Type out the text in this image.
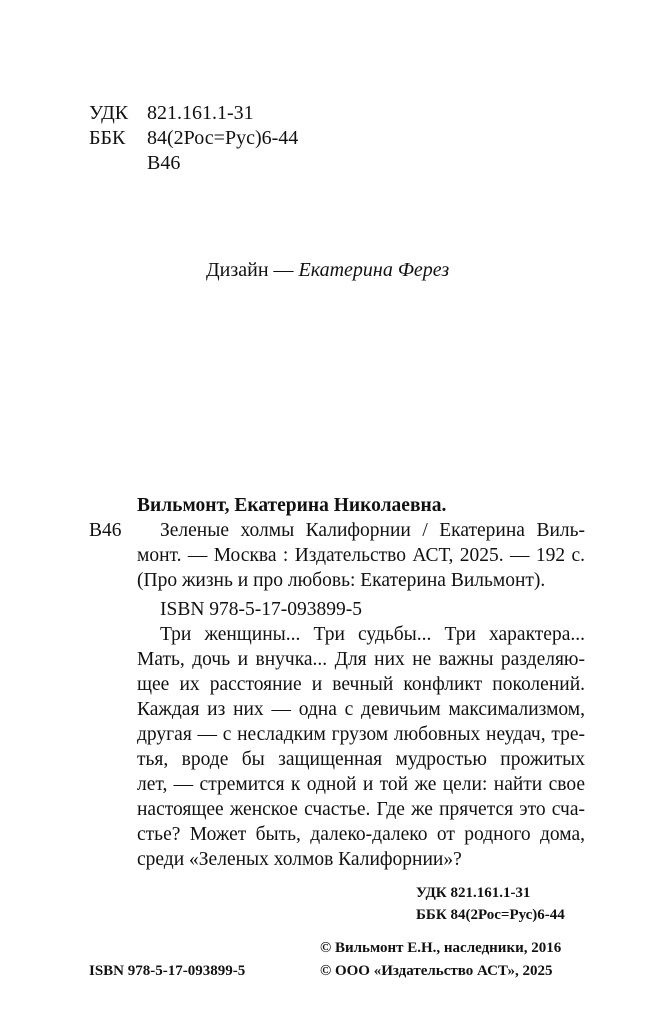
УДК 821.161.1-31
ББК 84(2Рос=Рус)6-44
В46
Дизайн — Екатерина Ферез
Вильмонт, Екатерина Николаевна.
В46 Зеленые холмы Калифорнии / Екатерина Виль-
монт. — Москва : Издательство АСТ, 2025. — 192 с.
(Про жизнь и про любовь: Екатерина Вильмонт).
ISBN 978-5-17-093899-5
Три женщины... Три судьбы... Три характера...
Мать, дочь и внучка... Для них не важны разделяю-
щее их расстояние и вечный конфликт поколений.
Каждая из них — одна с девичьим максимализмом,
другая — с несладким грузом любовных неудач, тре-
тья, вроде бы защищенная мудростью прожитых
лет, — стремится к одной и той же цели: найти свое
настоящее женское счастье. Где же прячется это сча-
стье? Может быть, далеко-далеко от родного дома,
среди «Зеленых холмов Калифорнии»?
УДК 821.161.1-31
ББК 84(2Рос=Рус)6-44
© Вильмонт Е.Н., наследники, 2016
ISBN 978-5-17-093899-5	© ООО «Издательство АСТ», 2025
